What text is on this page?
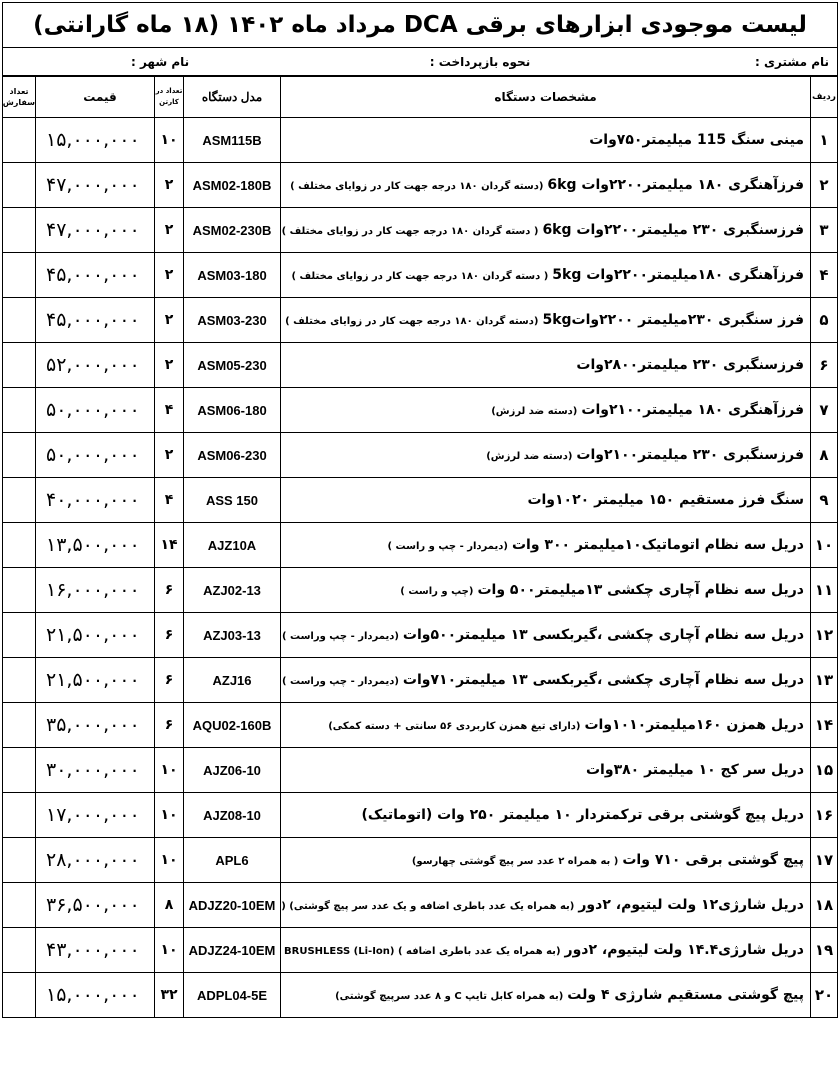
لیست موجودی ابزارهای برقی DCA مرداد ماه ۱۴۰۲ (۱۸ ماه گارانتی)
نام مشتری :
نحوه بازپرداخت :
نام شهر :
ردیف	مشخصات دستگاه	مدل دستگاه	تعداد در کارتن	قیمت	تعداد سفارش
۱	مینی سنگ 115 میلیمتر۷۵۰وات	ASM115B	۱۰	۱۵,۰۰۰,۰۰۰	
۲	فرزآهنگری ۱۸۰ میلیمتر۲۲۰۰وات 6kg(دسته گردان ۱۸۰ درجه جهت کار در زوایای مختلف )	ASM02-180B	۲	۴۷,۰۰۰,۰۰۰	
۳	فرزسنگبری ۲۳۰ میلیمتر۲۲۰۰وات 6kg( دسته گردان ۱۸۰ درجه جهت کار در زوایای مختلف )	ASM02-230B	۲	۴۷,۰۰۰,۰۰۰	
۴	فرزآهنگری ۱۸۰میلیمتر۲۲۰۰وات 5kg( دسته گردان ۱۸۰ درجه جهت کار در زوایای مختلف )	ASM03-180	۲	۴۵,۰۰۰,۰۰۰	
۵	فرز سنگبری ۲۳۰میلیمتر ۲۲۰۰وات5kg(دسته گردان ۱۸۰ درجه جهت کار در زوایای مختلف )	ASM03-230	۲	۴۵,۰۰۰,۰۰۰	
۶	فرزسنگبری ۲۳۰ میلیمتر۲۸۰۰وات	ASM05-230	۲	۵۲,۰۰۰,۰۰۰	
۷	فرزآهنگری ۱۸۰ میلیمتر۲۱۰۰وات(دسته ضد لرزش)	ASM06-180	۴	۵۰,۰۰۰,۰۰۰	
۸	فرزسنگبری ۲۳۰ میلیمتر۲۱۰۰وات(دسته ضد لرزش)	ASM06-230	۲	۵۰,۰۰۰,۰۰۰	
۹	سنگ فرز مستقیم ۱۵۰ میلیمتر ۱۰۲۰وات	ASS 150	۴	۴۰,۰۰۰,۰۰۰	
۱۰	دریل سه نظام اتوماتیک۱۰میلیمتر ۳۰۰ وات(دیمردار - چپ و راست )	AJZ10A	۱۴	۱۳,۵۰۰,۰۰۰	
۱۱	دریل سه نظام آچاری چکشی ۱۳میلیمتر۵۰۰ وات(چپ و راست )	AZJ02-13	۶	۱۶,۰۰۰,۰۰۰	
۱۲	دریل سه نظام آچاری چکشی ،گیربکسی ۱۳ میلیمتر۵۰۰وات(دیمردار - چپ وراست )	AZJ03-13	۶	۲۱,۵۰۰,۰۰۰	
۱۳	دریل سه نظام آچاری چکشی ،گیربکسی ۱۳ میلیمتر۷۱۰وات(دیمردار - چپ وراست )	AZJ16	۶	۲۱,۵۰۰,۰۰۰	
۱۴	دریل همزن ۱۶۰میلیمتر۱۰۱۰وات(دارای تیغ همزن کاربردی ۵۶ سانتی + دسته کمکی)	AQU02-160B	۶	۳۵,۰۰۰,۰۰۰	
۱۵	دریل سر کج ۱۰ میلیمتر ۳۸۰وات	AJZ06-10	۱۰	۳۰,۰۰۰,۰۰۰	
۱۶	دریل پیچ گوشتی برقی ترکمتردار ۱۰ میلیمتر ۲۵۰ وات (اتوماتیک)	AJZ08-10	۱۰	۱۷,۰۰۰,۰۰۰	
۱۷	پیچ گوشتی برقی ۷۱۰ وات( به همراه ۲ عدد سر پیچ گوشتی چهارسو)	APL6	۱۰	۲۸,۰۰۰,۰۰۰	
۱۸	دریل شارژی۱۲ ولت لیتیوم، ۲دور(به همراه یک عدد باطری اضافه و یک عدد سر پیچ گوشتی) (	ADJZ20-10EM	۸	۳۶,۵۰۰,۰۰۰	
۱۹	دریل شارژی۱۴.۴ ولت لیتیوم، ۲دور(به همراه یک عدد باطری اضافه ) BRUSHLESS (Li-Ion)	ADJZ24-10EM	۱۰	۴۳,۰۰۰,۰۰۰	
۲۰	پیچ گوشتی مستقیم شارژی ۴ ولت(به همراه کابل تایپ C و ۸ عدد سرپیچ گوشتی)	ADPL04-5E	۳۲	۱۵,۰۰۰,۰۰۰	
